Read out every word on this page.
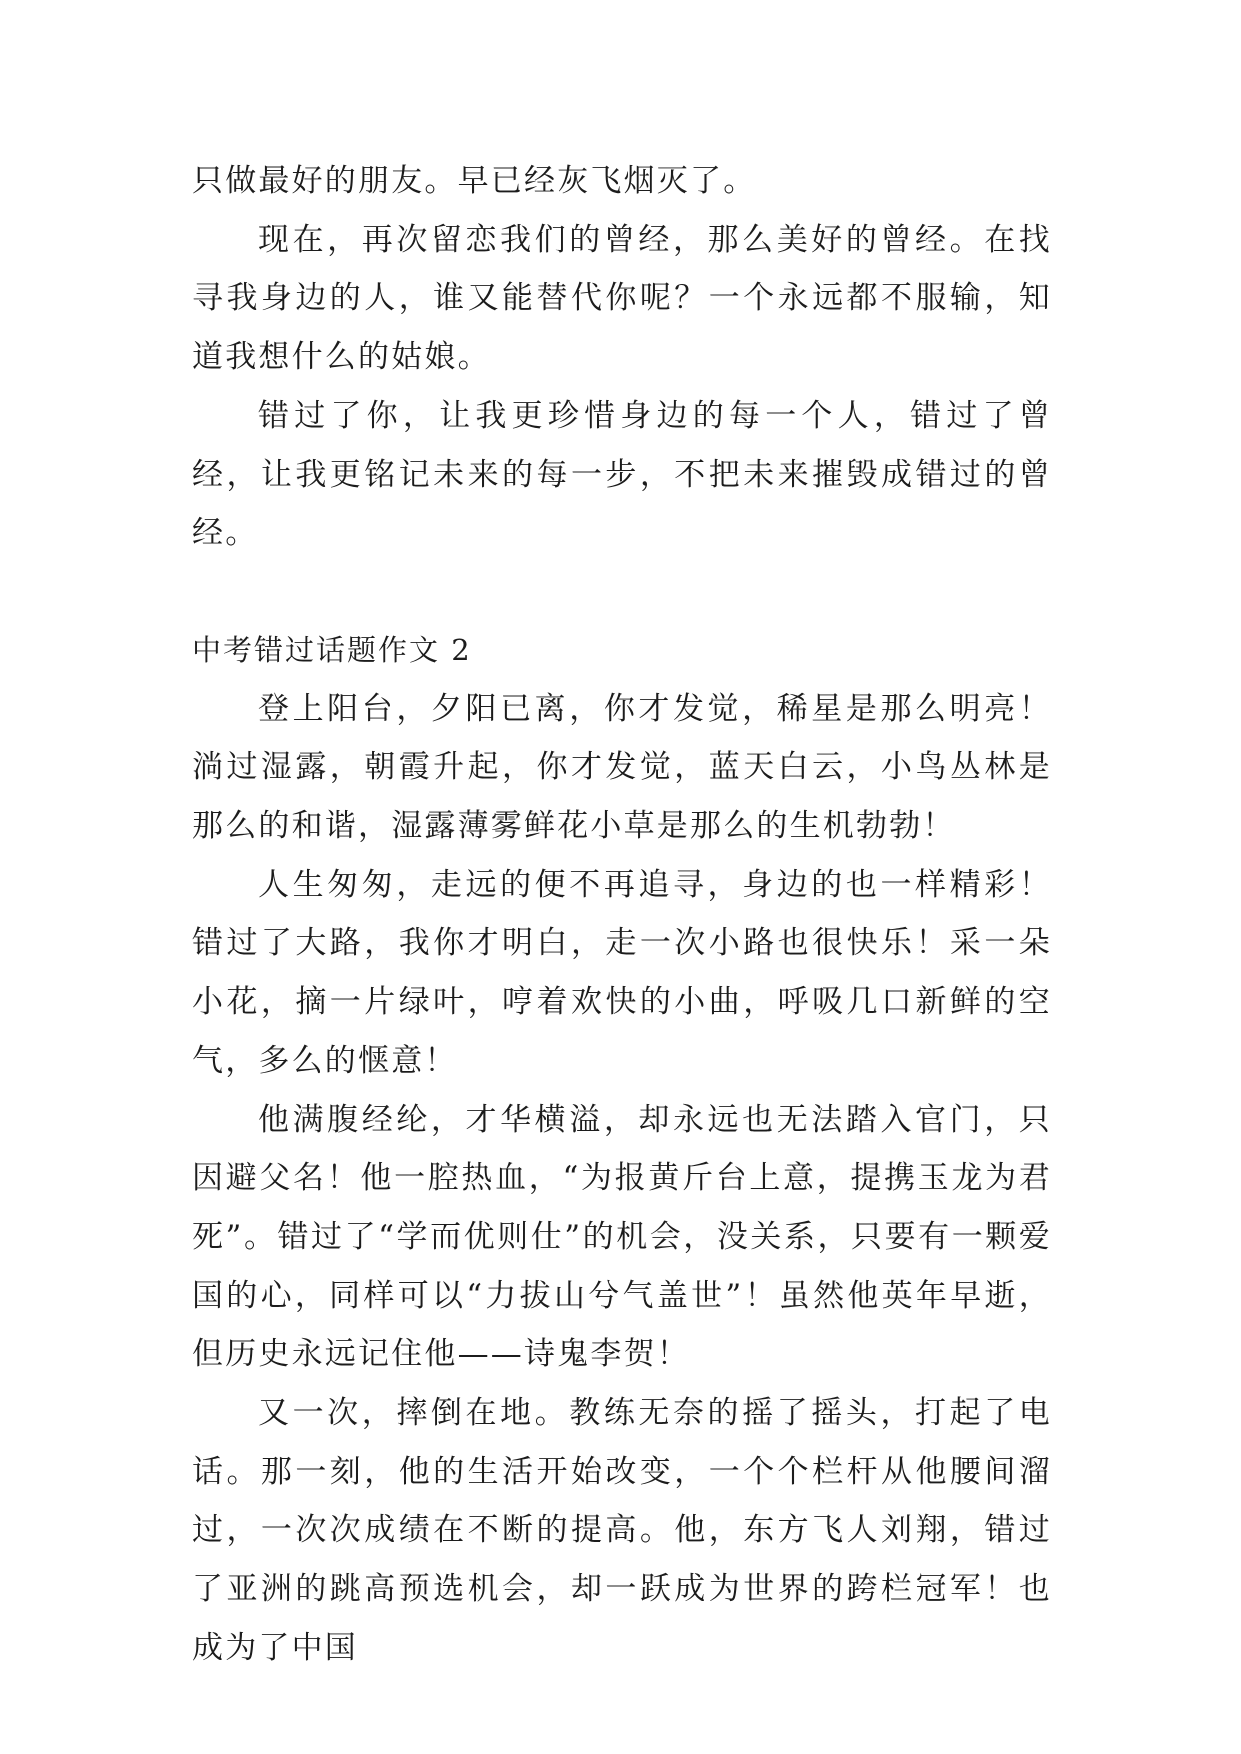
只做最好的朋友。早已经灰飞烟灭了。

现在，再次留恋我们的曾经，那么美好的曾经。在找寻我身边的人，谁又能替代你呢？一个永远都不服输，知道我想什么的姑娘。

错过了你，让我更珍惜身边的每一个人，错过了曾经，让我更铭记未来的每一步，不把未来摧毁成错过的曾经。

中考错过话题作文 2

登上阳台，夕阳已离，你才发觉，稀星是那么明亮！淌过湿露，朝霞升起，你才发觉，蓝天白云，小鸟丛林是那么的和谐，湿露薄雾鲜花小草是那么的生机勃勃！

人生匆匆，走远的便不再追寻，身边的也一样精彩！错过了大路，我你才明白，走一次小路也很快乐！采一朵小花，摘一片绿叶，哼着欢快的小曲，呼吸几口新鲜的空气，多么的惬意！

他满腹经纶，才华横溢，却永远也无法踏入官门，只因避父名！他一腔热血，“为报黄斤台上意，提携玉龙为君死”。错过了“学而优则仕”的机会，没关系，只要有一颗爱国的心，同样可以“力拔山兮气盖世”！虽然他英年早逝，但历史永远记住他——诗鬼李贺！

又一次，摔倒在地。教练无奈的摇了摇头，打起了电话。那一刻，他的生活开始改变，一个个栏杆从他腰间溜过，一次次成绩在不断的提高。他，东方飞人刘翔，错过了亚洲的跳高预选机会，却一跃成为世界的跨栏冠军！也成为了中国
